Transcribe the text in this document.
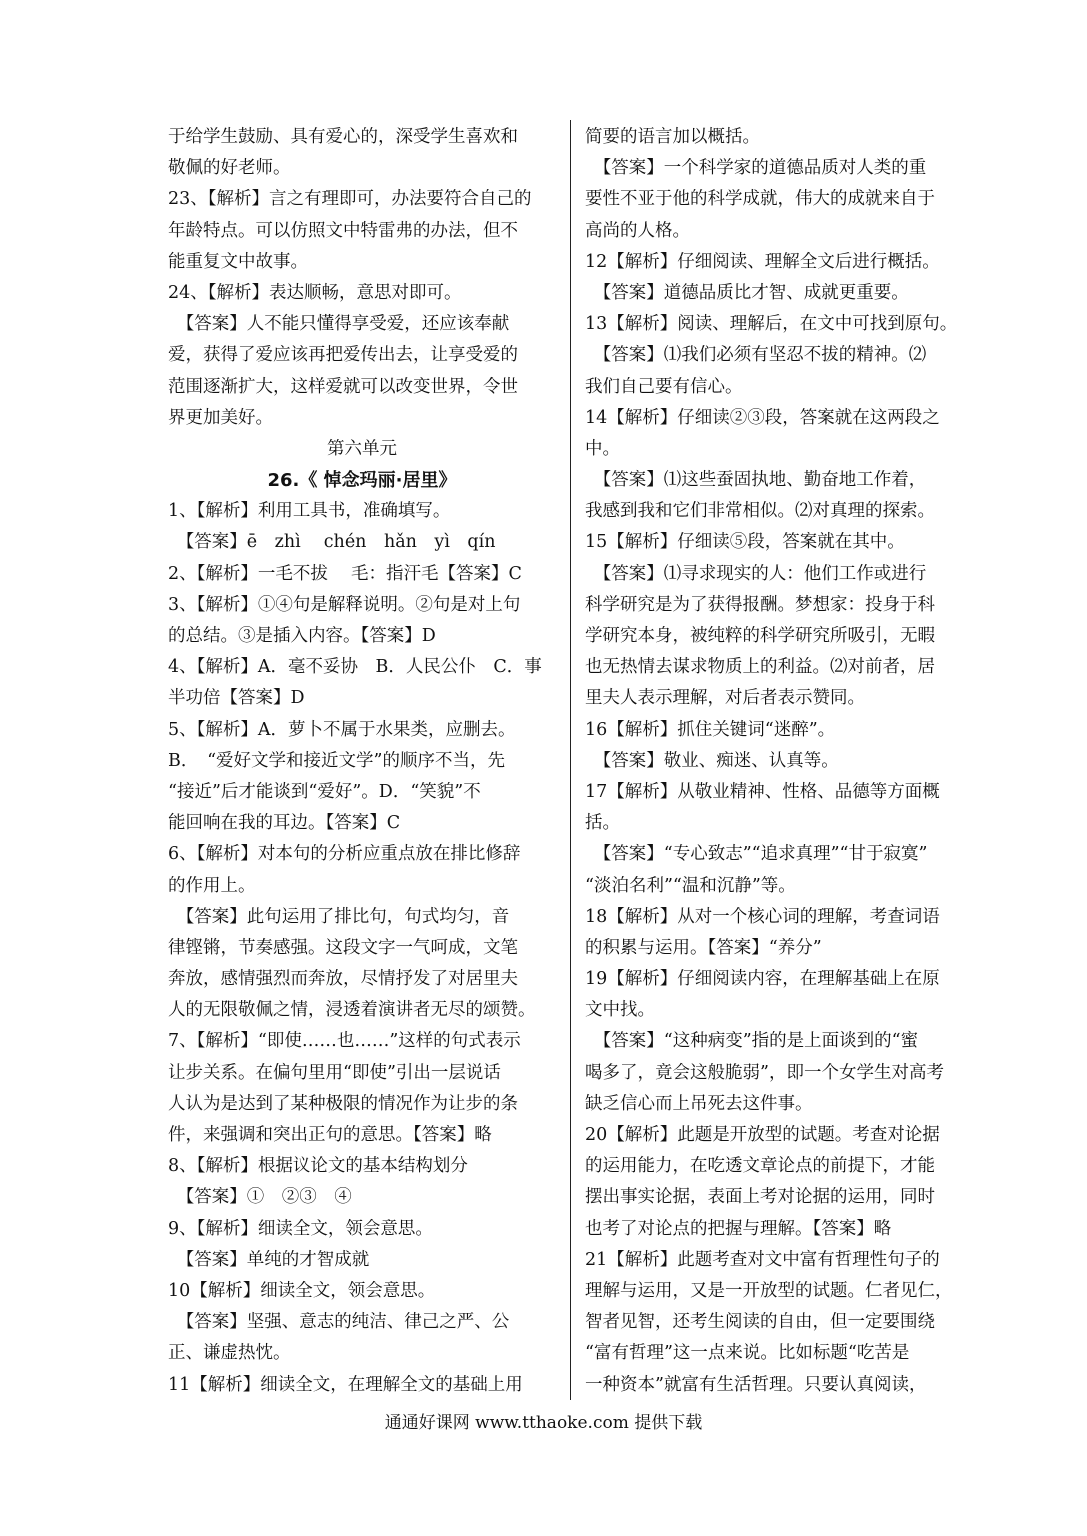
于给学生鼓励、具有爱心的，深受学生喜欢和
敬佩的好老师。
23、【解析】言之有理即可，办法要符合自己的
年龄特点。可以仿照文中特雷弗的办法，但不
能重复文中故事。
24、【解析】表达顺畅，意思对即可。
　【答案】人不能只懂得享受爱，还应该奉献
爱，获得了爱应该再把爱传出去，让享受爱的
范围逐渐扩大，这样爱就可以改变世界，令世
界更加美好。
第六单元
26.《 悼念玛丽·居里》
1、【解析】利用工具书，准确填写。
　【答案】ē　zhì　 chén　hǎn　yì　qín
2、【解析】一毛不拔　 毛：指汗毛【答案】C
3、【解析】①④句是解释说明。②句是对上句
的总结。③是插入内容。【答案】D
4、【解析】A．毫不妥协　B．人民公仆　C．事
半功倍【答案】D
5、【解析】A．萝卜不属于水果类，应删去。
B．　“爱好文学和接近文学”的顺序不当，先
“接近”后才能谈到“爱好”。D．“笑貌”不
能回响在我的耳边。【答案】C
6、【解析】对本句的分析应重点放在排比修辞
的作用上。
　【答案】此句运用了排比句，句式均匀，音
律铿锵，节奏感强。这段文字一气呵成，文笔
奔放，感情强烈而奔放，尽情抒发了对居里夫
人的无限敬佩之情，浸透着演讲者无尽的颂赞。
7、【解析】“即使……也……”这样的句式表示
让步关系。在偏句里用“即使”引出一层说话
人认为是达到了某种极限的情况作为让步的条
件，来强调和突出正句的意思。【答案】略
8、【解析】根据议论文的基本结构划分
　【答案】①　②③　④
9、【解析】细读全文，领会意思。
　【答案】单纯的才智成就
10【解析】细读全文，领会意思。
　【答案】坚强、意志的纯洁、律己之严、公
正、谦虚热忱。
11【解析】细读全文，在理解全文的基础上用
简要的语言加以概括。
　【答案】一个科学家的道德品质对人类的重
要性不亚于他的科学成就，伟大的成就来自于
高尚的人格。
12【解析】仔细阅读、理解全文后进行概括。
　【答案】道德品质比才智、成就更重要。
13【解析】阅读、理解后，在文中可找到原句。
　【答案】⑴我们必须有坚忍不拔的精神。⑵
我们自己要有信心。
14【解析】仔细读②③段，答案就在这两段之
中。
　【答案】⑴这些蚕固执地、勤奋地工作着，
我感到我和它们非常相似。⑵对真理的探索。
15【解析】仔细读⑤段，答案就在其中。
　【答案】⑴寻求现实的人：他们工作或进行
科学研究是为了获得报酬。梦想家：投身于科
学研究本身，被纯粹的科学研究所吸引，无暇
也无热情去谋求物质上的利益。⑵对前者，居
里夫人表示理解，对后者表示赞同。
16【解析】抓住关键词“迷醉”。
　【答案】敬业、痴迷、认真等。
17【解析】从敬业精神、性格、品德等方面概
括。
　【答案】“专心致志”“追求真理”“甘于寂寞”
“淡泊名利”“温和沉静”等。
18【解析】从对一个核心词的理解，考查词语
的积累与运用。【答案】“养分”
19【解析】仔细阅读内容，在理解基础上在原
文中找。
　【答案】“这种病变”指的是上面谈到的“蜜
喝多了，竟会这般脆弱”，即一个女学生对高考
缺乏信心而上吊死去这件事。
20【解析】此题是开放型的试题。考查对论据
的运用能力，在吃透文章论点的前提下，才能
摆出事实论据，表面上考对论据的运用，同时
也考了对论点的把握与理解。【答案】略
21【解析】此题考查对文中富有哲理性句子的
理解与运用，又是一开放型的试题。仁者见仁，
智者见智，还考生阅读的自由，但一定要围绕
“富有哲理”这一点来说。比如标题“吃苦是
一种资本”就富有生活哲理。只要认真阅读，
通通好课网 www.tthaoke.com 提供下载
